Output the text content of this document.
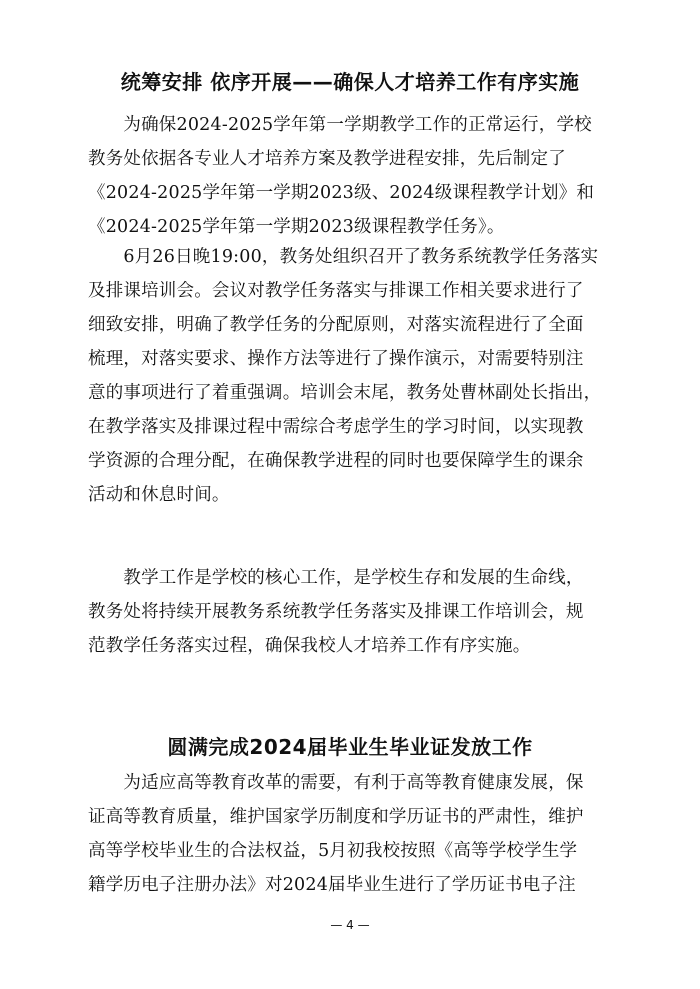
统筹安排 依序开展——确保人才培养工作有序实施

　　为确保2024-2025学年第一学期教学工作的正常运行，学校
教务处依据各专业人才培养方案及教学进程安排，先后制定了
《2024-2025学年第一学期2023级、2024级课程教学计划》和
《2024-2025学年第一学期2023级课程教学任务》。

　　6月26日晚19:00，教务处组织召开了教务系统教学任务落实
及排课培训会。会议对教学任务落实与排课工作相关要求进行了
细致安排，明确了教学任务的分配原则，对落实流程进行了全面
梳理，对落实要求、操作方法等进行了操作演示，对需要特别注
意的事项进行了着重强调。培训会末尾，教务处曹林副处长指出，
在教学落实及排课过程中需综合考虑学生的学习时间，以实现教
学资源的合理分配，在确保教学进程的同时也要保障学生的课余
活动和休息时间。

　　教学工作是学校的核心工作，是学校生存和发展的生命线，
教务处将持续开展教务系统教学任务落实及排课工作培训会，规
范教学任务落实过程，确保我校人才培养工作有序实施。

圆满完成2024届毕业生毕业证发放工作

　　为适应高等教育改革的需要，有利于高等教育健康发展，保
证高等教育质量，维护国家学历制度和学历证书的严肃性，维护
高等学校毕业生的合法权益，5月初我校按照《高等学校学生学
籍学历电子注册办法》对2024届毕业生进行了学历证书电子注

— 4 —
